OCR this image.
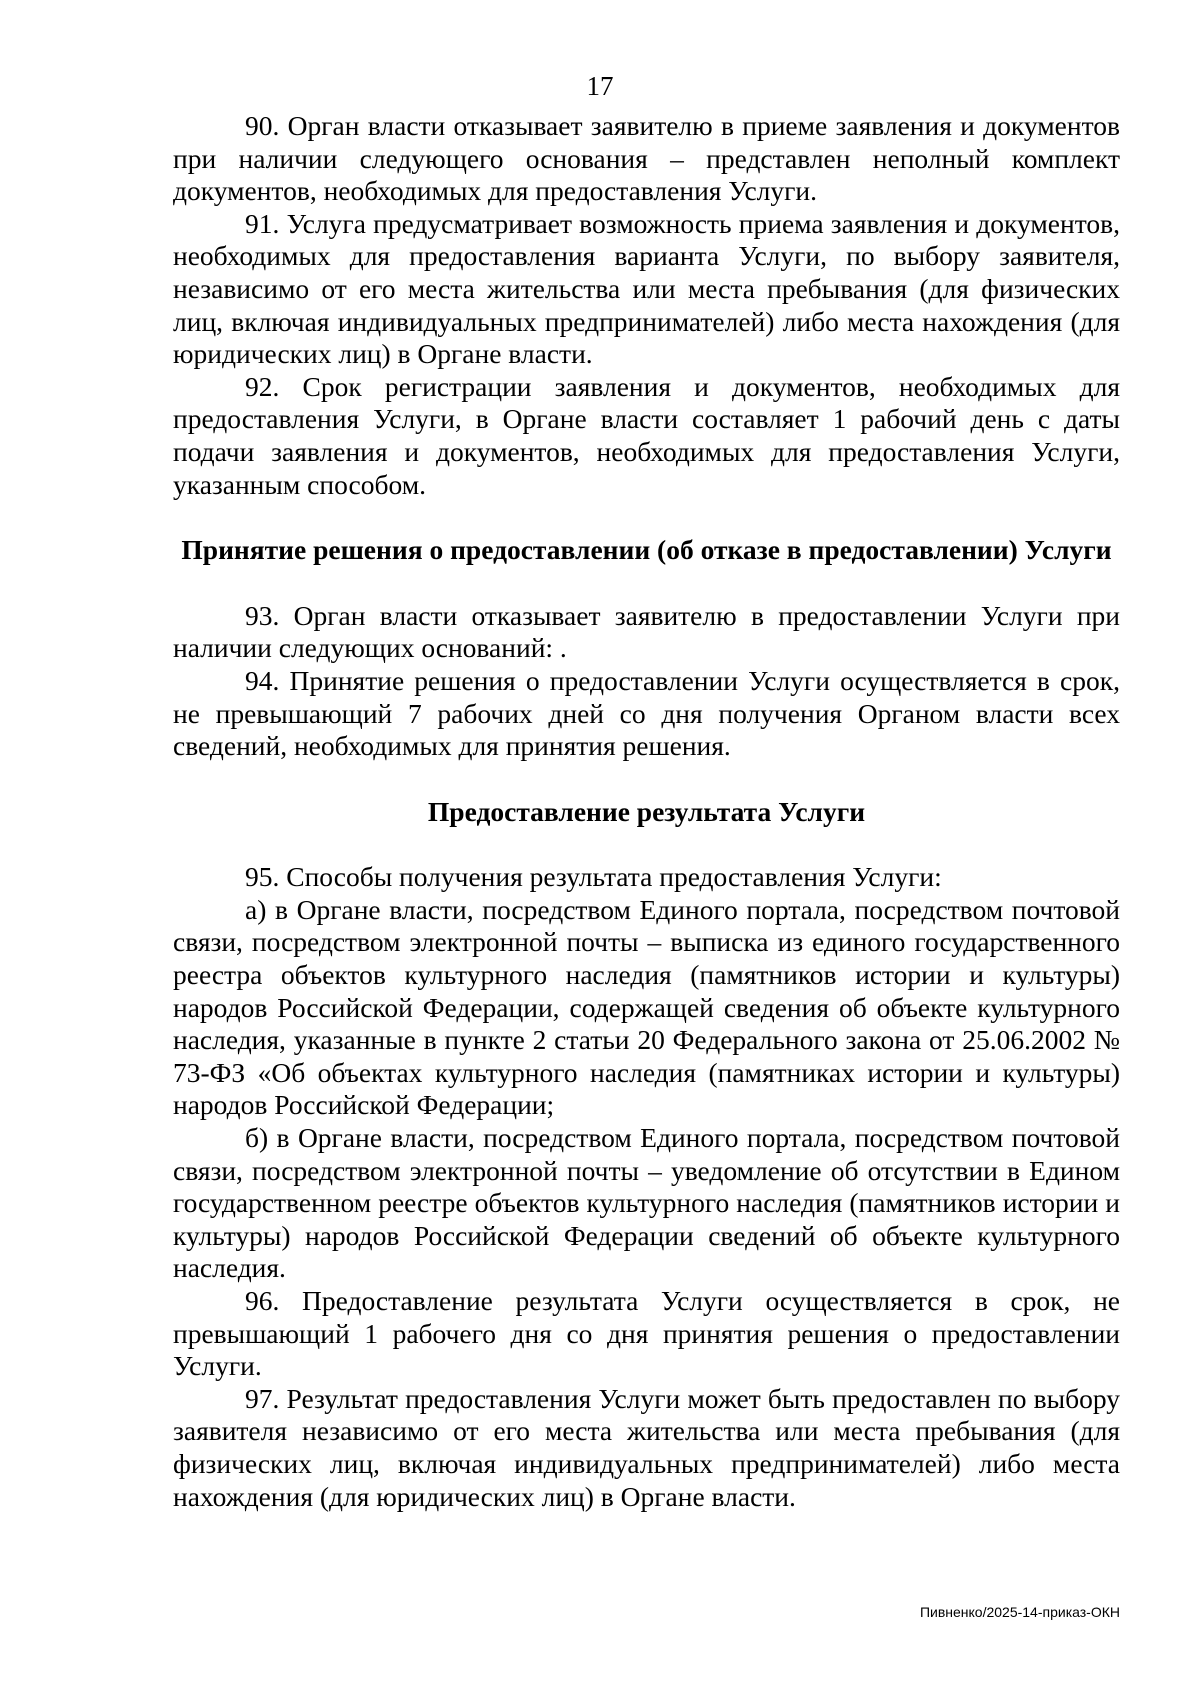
17

90. Орган власти отказывает заявителю в приеме заявления и документов при наличии следующего основания – представлен неполный комплект документов, необходимых для предоставления Услуги.

91. Услуга предусматривает возможность приема заявления и документов, необходимых для предоставления варианта Услуги, по выбору заявителя, независимо от его места жительства или места пребывания (для физических лиц, включая индивидуальных предпринимателей) либо места нахождения (для юридических лиц) в Органе власти.

92. Срок регистрации заявления и документов, необходимых для предоставления Услуги, в Органе власти составляет 1 рабочий день с даты подачи заявления и документов, необходимых для предоставления Услуги, указанным способом.

Принятие решения о предоставлении (об отказе в предоставлении) Услуги

93. Орган власти отказывает заявителю в предоставлении Услуги при наличии следующих оснований: .

94. Принятие решения о предоставлении Услуги осуществляется в срок, не превышающий 7 рабочих дней со дня получения Органом власти всех сведений, необходимых для принятия решения.

Предоставление результата Услуги

95. Способы получения результата предоставления Услуги:

а) в Органе власти, посредством Единого портала, посредством почтовой связи, посредством электронной почты – выписка из единого государственного реестра объектов культурного наследия (памятников истории и культуры) народов Российской Федерации, содержащей сведения об объекте культурного наследия, указанные в пункте 2 статьи 20 Федерального закона от 25.06.2002 № 73-ФЗ «Об объектах культурного наследия (памятниках истории и культуры) народов Российской Федерации;

б) в Органе власти, посредством Единого портала, посредством почтовой связи, посредством электронной почты – уведомление об отсутствии в Едином государственном реестре объектов культурного наследия (памятников истории и культуры) народов Российской Федерации сведений об объекте культурного наследия.

96. Предоставление результата Услуги осуществляется в срок, не превышающий 1 рабочего дня со дня принятия решения о предоставлении Услуги.

97. Результат предоставления Услуги может быть предоставлен по выбору заявителя независимо от его места жительства или места пребывания (для физических лиц, включая индивидуальных предпринимателей) либо места нахождения (для юридических лиц) в Органе власти.

Пивненко/2025-14-приказ-ОКН
